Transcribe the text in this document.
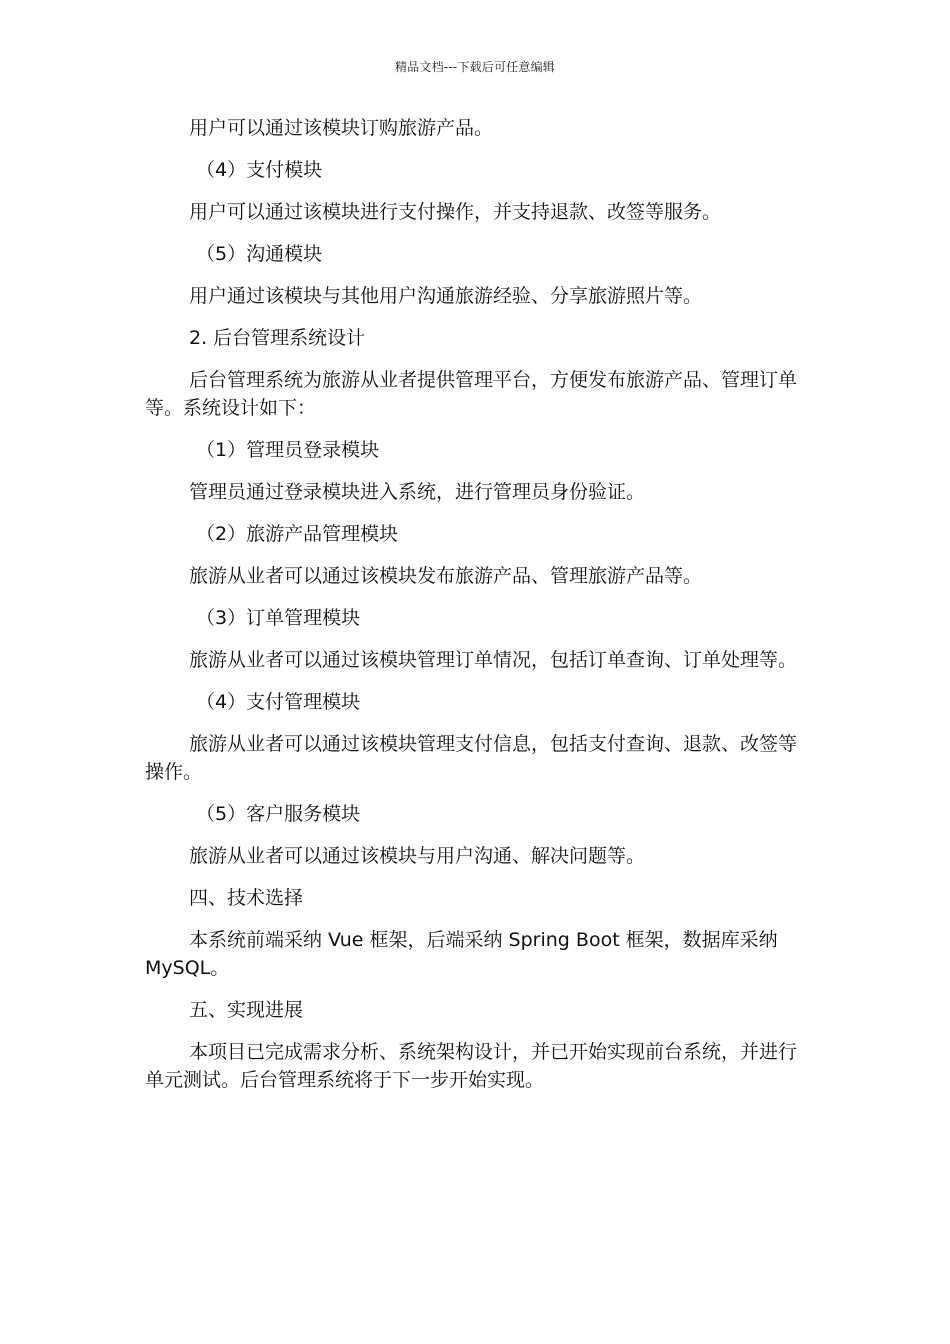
精品文档---下载后可任意编辑

用户可以通过该模块订购旅游产品。

（4）支付模块

用户可以通过该模块进行支付操作，并支持退款、改签等服务。

（5）沟通模块

用户通过该模块与其他用户沟通旅游经验、分享旅游照片等。

2. 后台管理系统设计

后台管理系统为旅游从业者提供管理平台，方便发布旅游产品、管理订单等。系统设计如下：

（1）管理员登录模块

管理员通过登录模块进入系统，进行管理员身份验证。

（2）旅游产品管理模块

旅游从业者可以通过该模块发布旅游产品、管理旅游产品等。

（3）订单管理模块

旅游从业者可以通过该模块管理订单情况，包括订单查询、订单处理等。

（4）支付管理模块

旅游从业者可以通过该模块管理支付信息，包括支付查询、退款、改签等操作。

（5）客户服务模块

旅游从业者可以通过该模块与用户沟通、解决问题等。

四、技术选择

本系统前端采纳 Vue 框架，后端采纳 Spring Boot 框架，数据库采纳 MySQL。

五、实现进展

本项目已完成需求分析、系统架构设计，并已开始实现前台系统，并进行单元测试。后台管理系统将于下一步开始实现。
